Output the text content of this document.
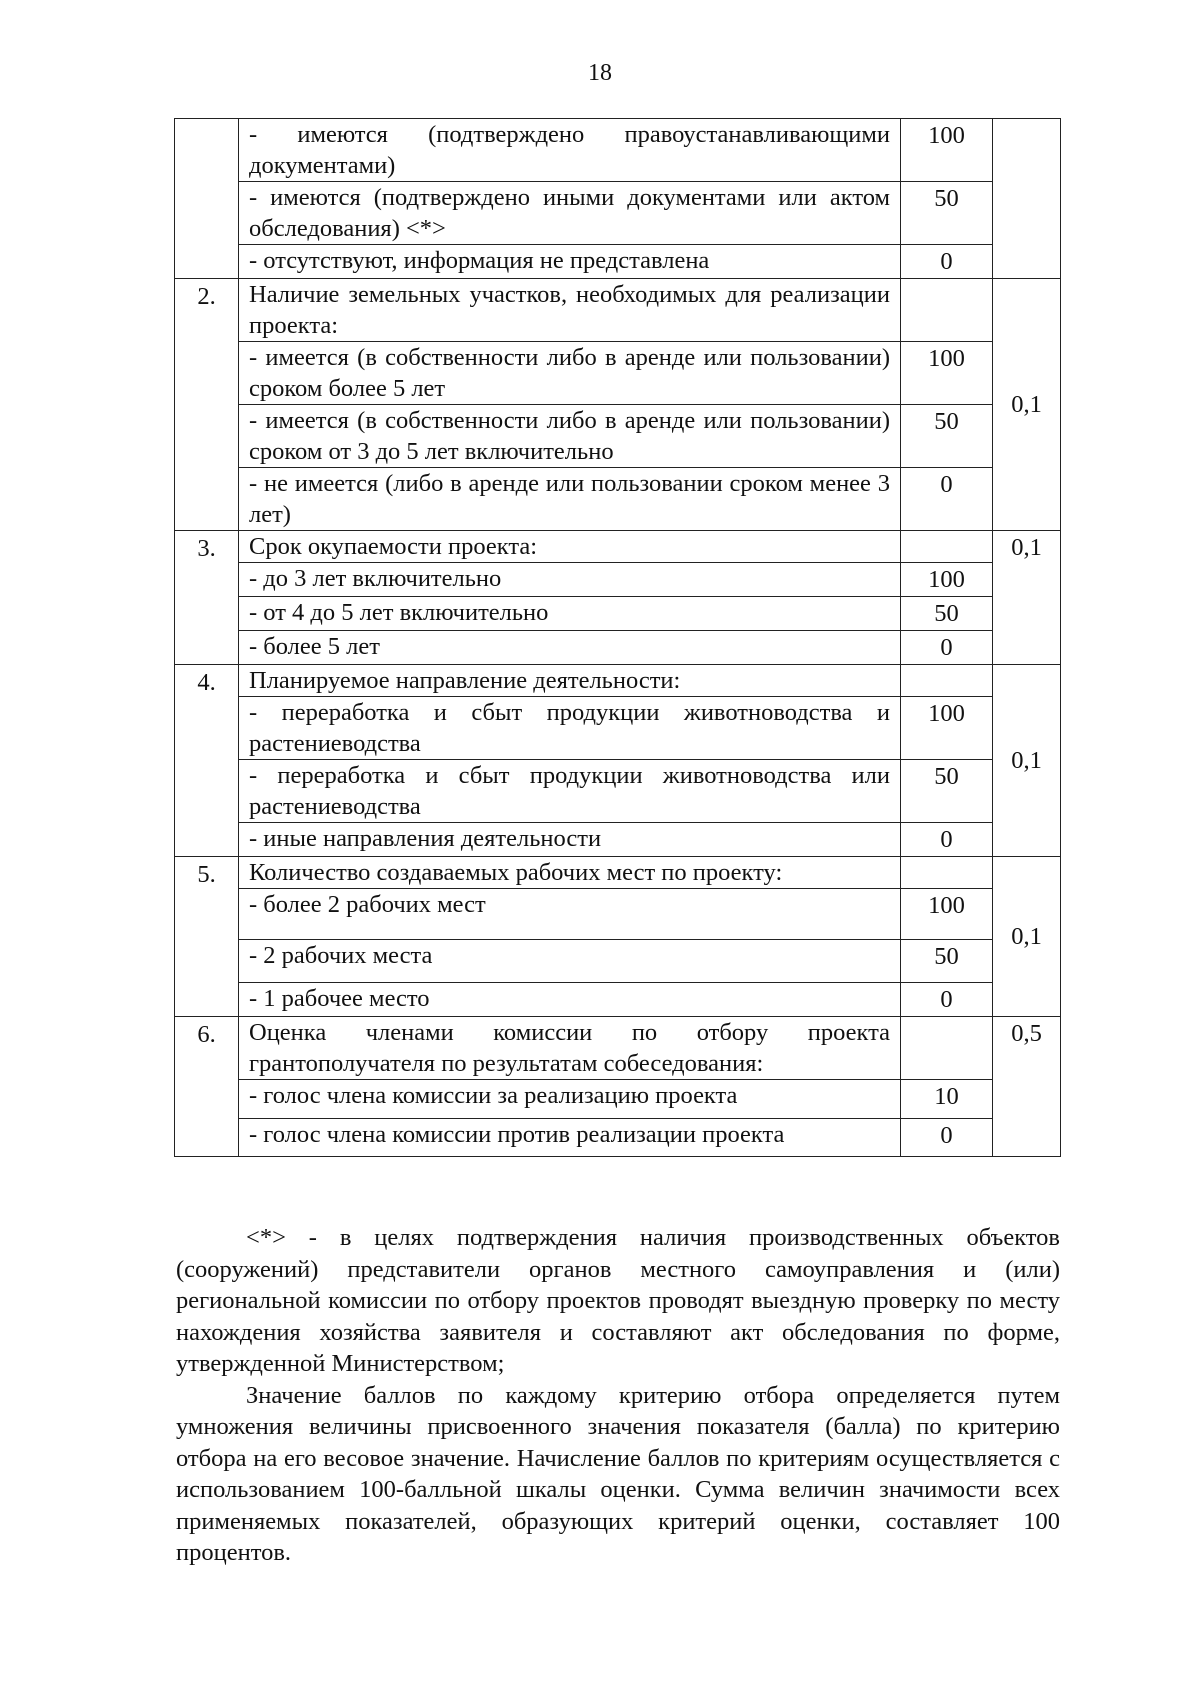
18
	- имеются (подтверждено правоустанавливающими документами)	100	
	- имеются (подтверждено иными документами или актом обследования) <*>	50	
	- отсутствуют, информация не представлена	0	
2.	Наличие земельных участков, необходимых для реализации проекта:		0,1
	- имеется (в собственности либо в аренде или пользовании) сроком более 5 лет	100	
	- имеется (в собственности либо в аренде или пользовании) сроком от 3 до 5 лет включительно	50	
	- не имеется (либо в аренде или пользовании сроком менее 3 лет)	0	
3.	Срок окупаемости проекта:		0,1
	- до 3 лет включительно	100	
	- от 4 до 5 лет включительно	50	
	- более 5 лет	0	
4.	Планируемое направление деятельности:		0,1
	- переработка и сбыт продукции животноводства и растениеводства	100	
	- переработка и сбыт продукции животноводства или растениеводства	50	
	- иные направления деятельности	0	
5.	Количество создаваемых рабочих мест по проекту:		0,1
	- более 2 рабочих мест	100	
	- 2 рабочих места	50	
	- 1 рабочее место	0	
6.	Оценка членами комиссии по отбору проекта грантополучателя по результатам собеседования:		0,5
	- голос члена комиссии за реализацию проекта	10	
	- голос члена комиссии против реализации проекта	0	

<*> - в целях подтверждения наличия производственных объектов (сооружений) представители органов местного самоуправления и (или) региональной комиссии по отбору проектов проводят выездную проверку по месту нахождения хозяйства заявителя и составляют акт обследования по форме, утвержденной Министерством;

Значение баллов по каждому критерию отбора определяется путем умножения величины присвоенного значения показателя (балла) по критерию отбора на его весовое значение. Начисление баллов по критериям осуществляется с использованием 100-балльной шкалы оценки. Сумма величин значимости всех применяемых показателей, образующих критерий оценки, составляет 100 процентов.
